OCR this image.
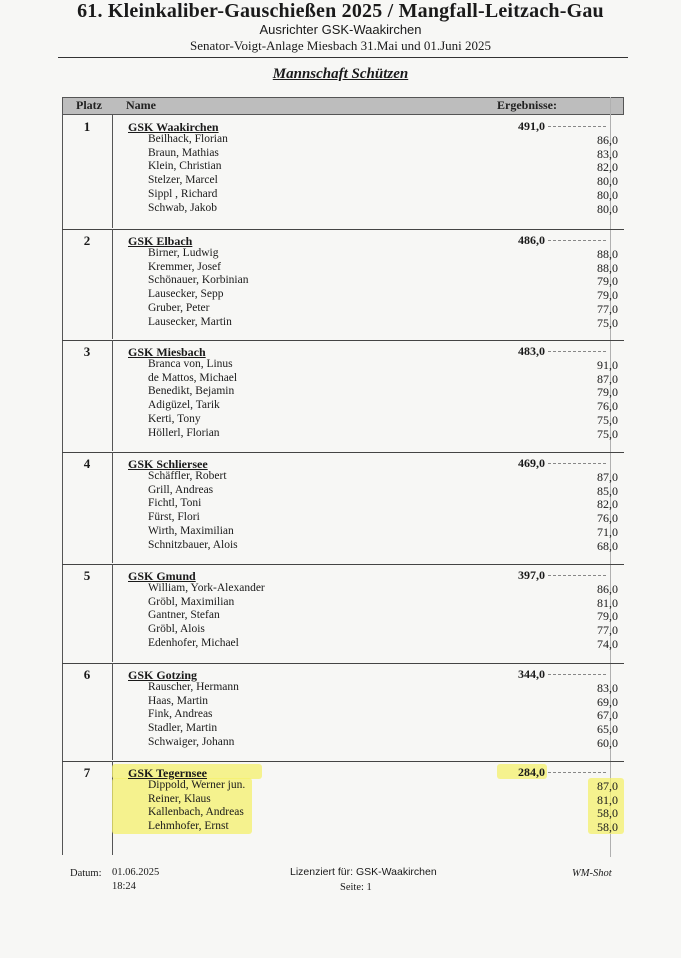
61. Kleinkaliber-Gauschießen 2025 / Mangfall-Leitzach-Gau
Ausrichter GSK-Waakirchen
Senator-Voigt-Anlage Miesbach 31.Mai und 01.Juni 2025
Mannschaft Schützen
Platz Name	Ergebnisse:
1	GSK Waakirchen	491,0
Beilhack, Florian	86,0
Braun, Mathias	83,0
Klein, Christian	82,0
Stelzer, Marcel	80,0
Sippl , Richard	80,0
Schwab, Jakob	80,0
2	GSK Elbach	486,0
Birner, Ludwig	88,0
Kremmer, Josef	88,0
Schönauer, Korbinian	79,0
Lausecker, Sepp	79,0
Gruber, Peter	77,0
Lausecker, Martin	75,0
3	GSK Miesbach	483,0
Branca von, Linus	91,0
de Mattos, Michael	87,0
Benedikt, Bejamin	79,0
Adigüzel, Tarik	76,0
Kerti, Tony	75,0
Höllerl, Florian	75,0
4	GSK Schliersee	469,0
Schäffler, Robert	87,0
Grill, Andreas	85,0
Fichtl, Toni	82,0
Fürst, Flori	76,0
Wirth, Maximilian	71,0
Schnitzbauer, Alois	68,0
5	GSK Gmund	397,0
William, York-Alexander	86,0
Gröbl, Maximilian	81,0
Gantner, Stefan	79,0
Gröbl, Alois	77,0
Edenhofer, Michael	74,0
6	GSK Gotzing	344,0
Rauscher, Hermann	83,0
Haas, Martin	69,0
Fink, Andreas	67,0
Stadler, Martin	65,0
Schwaiger, Johann	60,0
7	GSK Tegernsee	284,0
Dippold, Werner jun.	87,0
Reiner, Klaus	81,0
Kallenbach, Andreas	58,0
Lehmhofer, Ernst	58,0
Datum: 01.06.2025
18:24
Lizenziert für: GSK-Waakirchen
Seite: 1
WM-Shot
